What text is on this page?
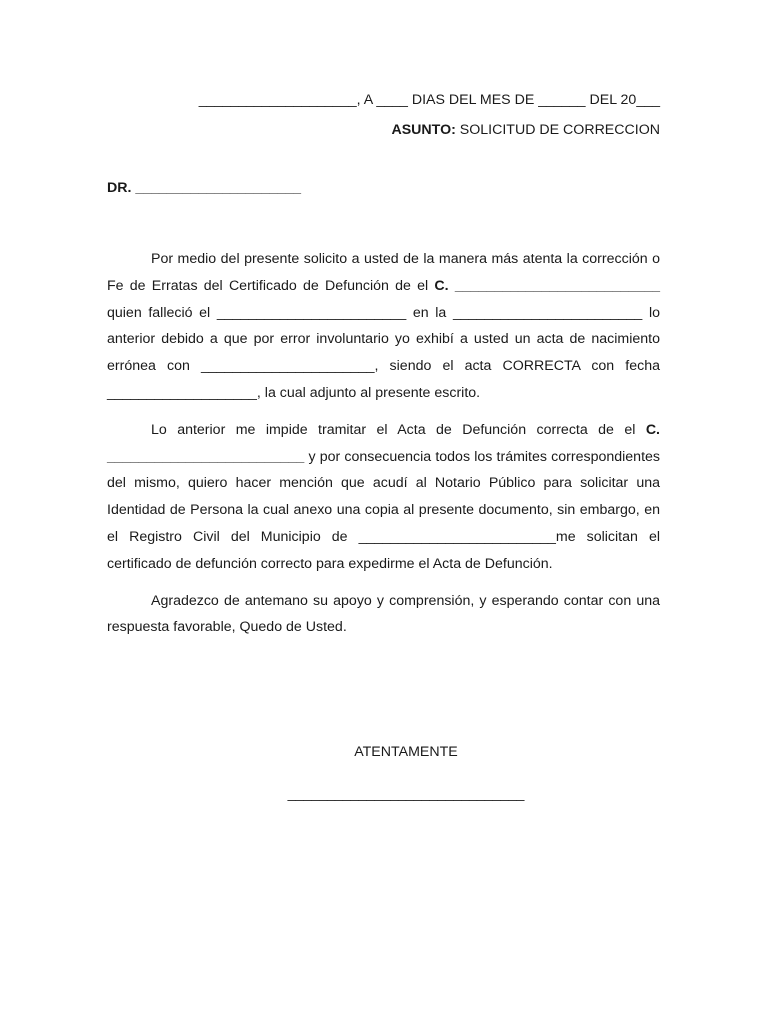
____________________, A ____ DIAS DEL MES DE ______ DEL 20___
ASUNTO: SOLICITUD DE CORRECCION
DR. _____________________

Por medio del presente solicito a usted de la manera más atenta la corrección o Fe de Erratas del Certificado de Defunción de el C. __________________________ quien falleció el ________________________ en la ________________________ lo anterior debido a que por error involuntario yo exhibí a usted un acta de nacimiento errónea con ______________________, siendo el acta CORRECTA con fecha ___________________, la cual adjunto al presente escrito.

Lo anterior me impide tramitar el Acta de Defunción correcta de el C. _________________________ y por consecuencia todos los trámites correspondientes del mismo, quiero hacer mención que acudí al Notario Público para solicitar una Identidad de Persona la cual anexo una copia al presente documento, sin embargo, en el Registro Civil del Municipio de _________________________me solicitan el certificado de defunción correcto para expedirme el Acta de Defunción.

Agradezco de antemano su apoyo y comprensión, y esperando contar con una respuesta favorable, Quedo de Usted.

ATENTAMENTE
______________________________
